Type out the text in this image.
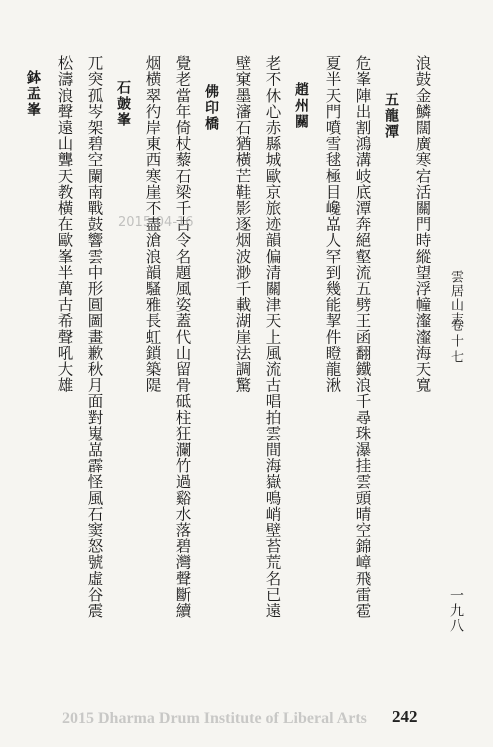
雲居山志
卷十七
一九八
浪鼓金鱗闊廣寒宕活關門時縱望浮幢瀣瀣海天寬
五龍潭
危峯陣出割鴻溝岐底潭奔絕壑流五劈王函翻鐵浪千尋珠瀑挂雲頭晴空錦嶂飛雷雹
夏半天門噴雪毬極目巉嵓人罕到幾能挈件瞪龍湫
趙州關
老不休心赤縣城歐京旅迹韻偏清關津天上風流古唱拍雲間海嶽鳴峭壁苔荒名已遠
壁窠墨瀋石猶橫芒鞋影逐烟波渺千載湖崖法調驚
佛印橋
覺老當年倚杖藜石梁千古令名題風姿蓋代山留骨砥柱狂瀾竹過谿水落碧灣聲斷續
烟横翠彴岸東西寒崖不盡滄浪韻騷雅長虹鎖築隄
石皷峯
兀突孤岑架碧空闌南戰鼓響雲中形圓圖畫歉秋月面對嵬嵓霹怪風石窦怒號虛谷震
松濤浪聲遠山聾天教橫在歐峯半萬古希聲吼大雄
鉢盂峯
2015-04-16
2015 Dharma Drum Institute of Liberal Arts 242
